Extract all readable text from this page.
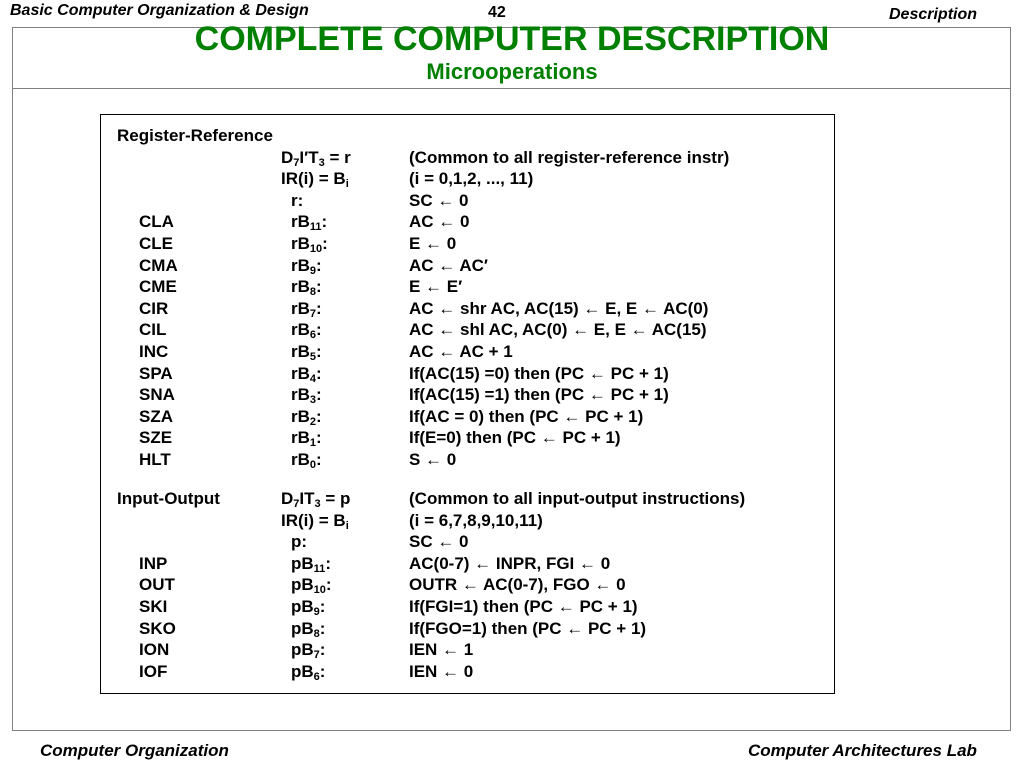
Basic Computer Organization & Design	42	Description
COMPLETE COMPUTER DESCRIPTION
Microoperations
Register-Reference
$D_7I'T_3 = r$	(Common to all register-reference instr)
$IR(i) = B_i$	(i = 0,1,2, ..., 11)
r:	SC ← 0
CLA	$rB_{11}$:	AC ← 0
CLE	$rB_{10}$:	E ← 0
CMA	$rB_9$:	AC ← AC′
CME	$rB_8$:	E ← E′
CIR	$rB_7$:	AC ← shr AC, AC(15) ← E, E ← AC(0)
CIL	$rB_6$:	AC ← shl AC, AC(0) ← E, E ← AC(15)
INC	$rB_5$:	AC ← AC + 1
SPA	$rB_4$:	If(AC(15) =0) then (PC ← PC + 1)
SNA	$rB_3$:	If(AC(15) =1) then (PC ← PC + 1)
SZA	$rB_2$:	If(AC = 0) then (PC ← PC + 1)
SZE	$rB_1$:	If(E=0) then (PC ← PC + 1)
HLT	$rB_0$:	S ← 0
Input-Output	$D_7IT_3 = p$	(Common to all input-output instructions)
$IR(i) = B_i$	(i = 6,7,8,9,10,11)
p:	SC ← 0
INP	$pB_{11}$:	AC(0-7) ← INPR, FGI ← 0
OUT	$pB_{10}$:	OUTR ← AC(0-7), FGO ← 0
SKI	$pB_9$:	If(FGI=1) then (PC ← PC + 1)
SKO	$pB_8$:	If(FGO=1) then (PC ← PC + 1)
ION	$pB_7$:	IEN ← 1
IOF	$pB_6$:	IEN ← 0
Computer Organization	Computer Architectures Lab
